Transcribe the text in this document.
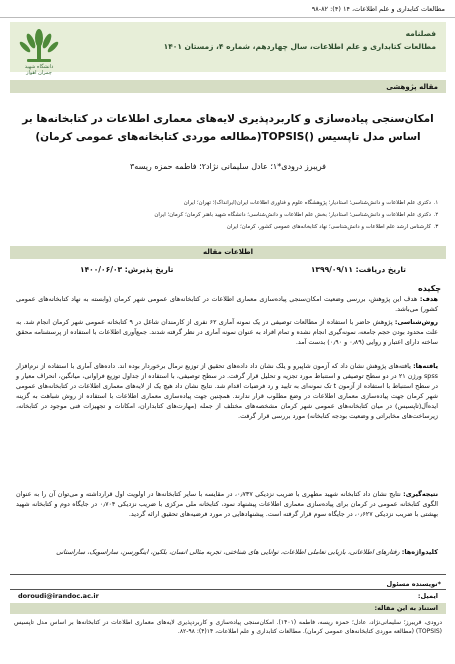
مطالعات کتابداری و علم اطلاعات، ۱۴ (۴): ۸۲-۹۸
فصلنامه
مطالعات کتابداری و علم اطلاعات، سال چهاردهم، شماره ۴، زمستان ۱۴۰۱
دانشگاه شهید چمران اهواز
مقاله پژوهشی
امکان‌سنجی پیاده‌سازی و کاربردپذیری لایه‌های معماری اطلاعات در کتابخانه‌ها بر اساس مدل تاپسیس ()TOPSIS(مطالعه موردی کتابخانه‌های عمومی کرمان)
فریبرز درودی*۱؛ عادل سلیمانی نژاد۲؛ فاطمه حمزه ریسه۳
۱.
دکتری علم اطلاعات و دانش‌شناسی؛ استادیار؛ پژوهشگاه علوم و فناوری اطلاعات ایران(ایرانداک)؛ تهران؛ ایران
۲.
دکتری علم اطلاعات و دانش‌شناسی؛ استادیار؛ بخش علم اطلاعات و دانش‌شناسی؛ دانشگاه شهید باهنر کرمان؛ کرمان؛ ایران
۳.
کارشناس ارشد علم اطلاعات و دانش‌شناسی؛ نهاد کتابخانه‌های عمومی کشور، کرمان؛ ایران
اطلاعات مقاله
تاریخ دریافت: ۱۳۹۹/۰۹/۱۱
تاریخ پذیرش: ۱۴۰۰/۰۶/۰۳
چکیده
هدف: هدف این پژوهش، بررسی وضعیت امکان‌سنجی پیاده‌سازی معماری اطلاعات در کتابخانه‌های عمومی شهر کرمان (وابسته به نهاد کتابخانه‌های عمومی کشور) می‌باشد.
روش‌شناسی: پژوهش حاضر با استفاده از مطالعات توصیفی در یک نمونه آماری ۶۲ نفری از کارمندان شاغل در ۹ کتابخانه عمومی شهر کرمان انجام شد. به علت محدود بودن حجم جامعه، نمونه‌گیری انجام نشده و تمام افراد به عنوان نمونه آماری در نظر گرفته شدند. جمع‌آوری اطلاعات با استفاده از پرسشنامه محقق ساخته دارای اعتبار و روایی (۰٫۸۹ و ۰٫۹۰) بدست آمد.
یافته‌ها: یافته‌های پژوهش نشان داد که آزمون شاپیرو و یلک نشان داد داده‌های تحقیق از توزیع نرمال برخوردار بوده اند. داده‌های آماری با استفاده از نرم‌افزار spss ورژن ۲۱ در دو سطح توصیفی و استنباط مورد تجزیه و تحلیل قرار گرفت. در سطح توصیفی، با استفاده از جداول توزیع فراوانی، میانگین، انحراف معیار و در سطح استنباط با استفاده از آزمون t تک نمونه‌ای به تایید و رد فرضیات اقدام شد. نتایج نشان داد هیچ یک از لایه‌های معماری اطلاعات در کتابخانه‌های عمومی شهر کرمان جهت پیاده‌سازی معماری اطلاعات در وضع مطلوب قرار ندارند. همچنین جهت پیاده‌سازی معماری اطلاعات با استفاده از روش شباهت به گزینه ایده‌آل(تاپسیس) در میان کتابخانه‌های عمومی شهر کرمان مشخصه‌های مختلف از جمله (مهارت‌های کتابداران، امکانات و تجهیزات فنی موجود در کتابخانه، زیرساخت‌های مخابراتی و وضعیت بودجه کتابخانه) مورد بررسی قرار گرفت.
نتیجه‌گیری: نتایج نشان داد کتابخانه شهید مطهری با ضریب نزدیکی ۰٫۷۳۷، در مقایسه با سایر کتابخانه‌ها در اولویت اول قرارداشته و می‌توان آن را به عنوان الگوی کتابخانه عمومی در کرمان برای پیاده‌سازی معماری اطلاعات پیشنهاد نمود، کتابخانه ملی مرکزی با ضریب نزدیکی ۰٫۷۰۴ در جایگاه دوم و کتابخانه شهید بهشتی با ضریب نزدیکی ۰٫۶۲۷، در جایگاه سوم قرار گرفته است. پیشنهادهایی در مورد فرضیه‌های تحقیق ارائه گردید.
کلیدواژه‌ها: رفتارهای اطلاعاتی، بازیابی تعاملی اطلاعات، توانایی های شناختی، تجربه مثالی انسان، بلکین، اینگورسن، ساراسویک، ساراستانی
*نویسنده مسئول
ایمیل:
doroudi@irandoc.ac.ir
استناد به این مقاله:
درودی، فریبرز؛ سلیمانی‌نژاد، عادل؛ حمزه ریسه، فاطمه (۱۴۰۱). امکان‌سنجی پیاده‌سازی و کاربردپذیری لایه‌های معماری اطلاعات در کتابخانه‌ها بر اساس مدل تاپسیس (TOPSIS) (مطالعه موردی کتابخانه‌های عمومی کرمان). مطالعات کتابداری و علم اطلاعات، ۱۴(۴): ۹۸-۸۲.
